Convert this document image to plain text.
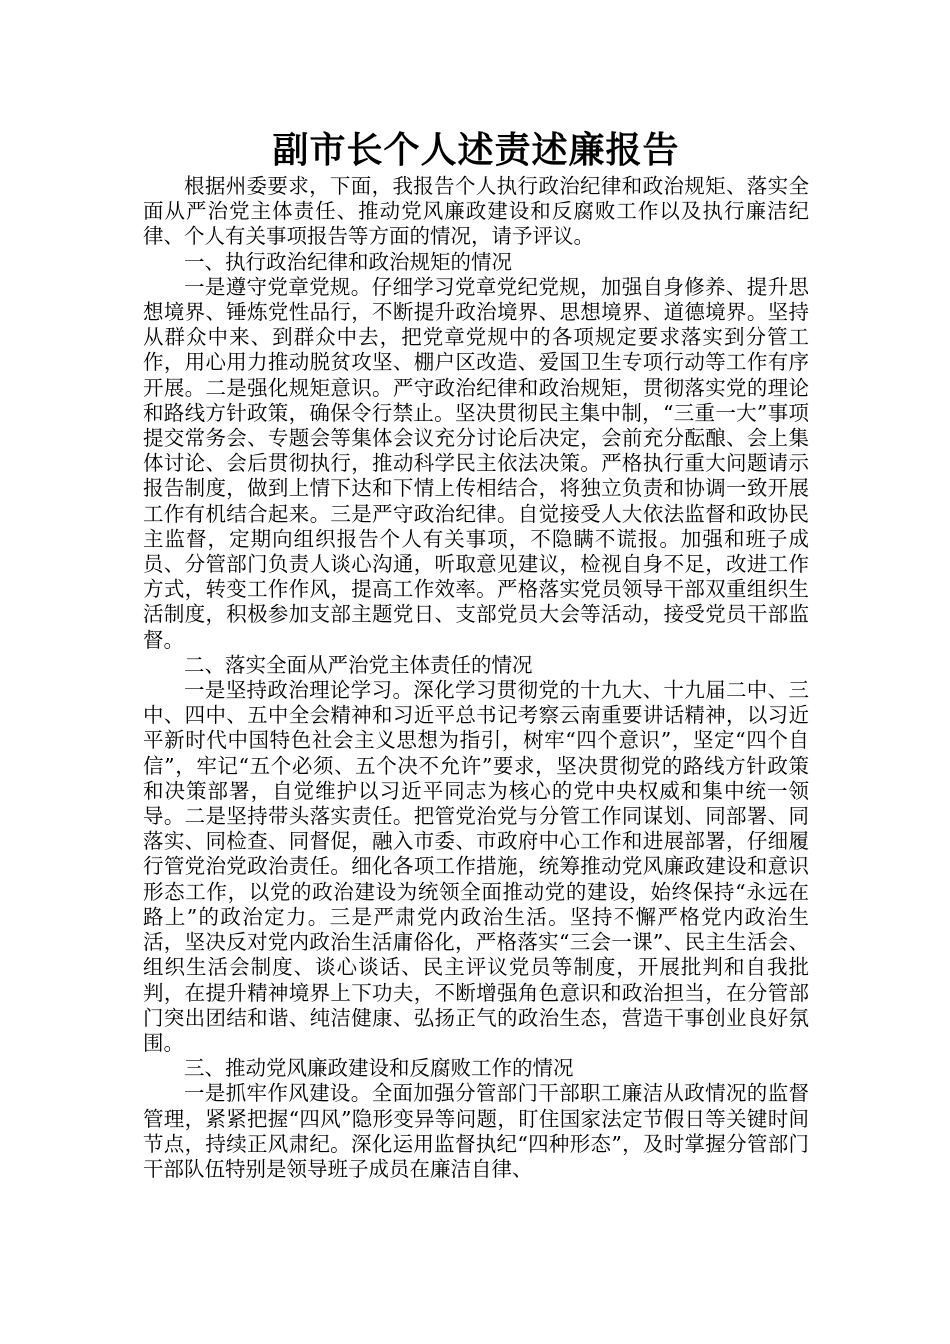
副市长个人述责述廉报告

根据州委要求，下面，我报告个人执行政治纪律和政治规矩、落实全面从严治党主体责任、推动党风廉政建设和反腐败工作以及执行廉洁纪律、个人有关事项报告等方面的情况，请予评议。

一、执行政治纪律和政治规矩的情况

一是遵守党章党规。仔细学习党章党纪党规，加强自身修养、提升思想境界、锤炼党性品行，不断提升政治境界、思想境界、道德境界。坚持从群众中来、到群众中去，把党章党规中的各项规定要求落实到分管工作，用心用力推动脱贫攻坚、棚户区改造、爱国卫生专项行动等工作有序开展。二是强化规矩意识。严守政治纪律和政治规矩，贯彻落实党的理论和路线方针政策，确保令行禁止。坚决贯彻民主集中制，“三重一大”事项提交常务会、专题会等集体会议充分讨论后决定，会前充分酝酿、会上集体讨论、会后贯彻执行，推动科学民主依法决策。严格执行重大问题请示报告制度，做到上情下达和下情上传相结合，将独立负责和协调一致开展工作有机结合起来。三是严守政治纪律。自觉接受人大依法监督和政协民主监督，定期向组织报告个人有关事项，不隐瞒不谎报。加强和班子成员、分管部门负责人谈心沟通，听取意见建议，检视自身不足，改进工作方式，转变工作作风，提高工作效率。严格落实党员领导干部双重组织生活制度，积极参加支部主题党日、支部党员大会等活动，接受党员干部监督。

二、落实全面从严治党主体责任的情况

一是坚持政治理论学习。深化学习贯彻党的十九大、十九届二中、三中、四中、五中全会精神和习近平总书记考察云南重要讲话精神，以习近平新时代中国特色社会主义思想为指引，树牢“四个意识”，坚定“四个自信”，牢记“五个必须、五个决不允许”要求，坚决贯彻党的路线方针政策和决策部署，自觉维护以习近平同志为核心的党中央权威和集中统一领导。二是坚持带头落实责任。把管党治党与分管工作同谋划、同部署、同落实、同检查、同督促，融入市委、市政府中心工作和进展部署，仔细履行管党治党政治责任。细化各项工作措施，统筹推动党风廉政建设和意识形态工作，以党的政治建设为统领全面推动党的建设，始终保持“永远在路上”的政治定力。三是严肃党内政治生活。坚持不懈严格党内政治生活，坚决反对党内政治生活庸俗化，严格落实“三会一课”、民主生活会、组织生活会制度、谈心谈话、民主评议党员等制度，开展批判和自我批判，在提升精神境界上下功夫，不断增强角色意识和政治担当，在分管部门突出团结和谐、纯洁健康、弘扬正气的政治生态，营造干事创业良好氛围。

三、推动党风廉政建设和反腐败工作的情况

一是抓牢作风建设。全面加强分管部门干部职工廉洁从政情况的监督管理，紧紧把握“四风”隐形变异等问题，盯住国家法定节假日等关键时间节点，持续正风肃纪。深化运用监督执纪“四种形态”，及时掌握分管部门干部队伍特别是领导班子成员在廉洁自律、
